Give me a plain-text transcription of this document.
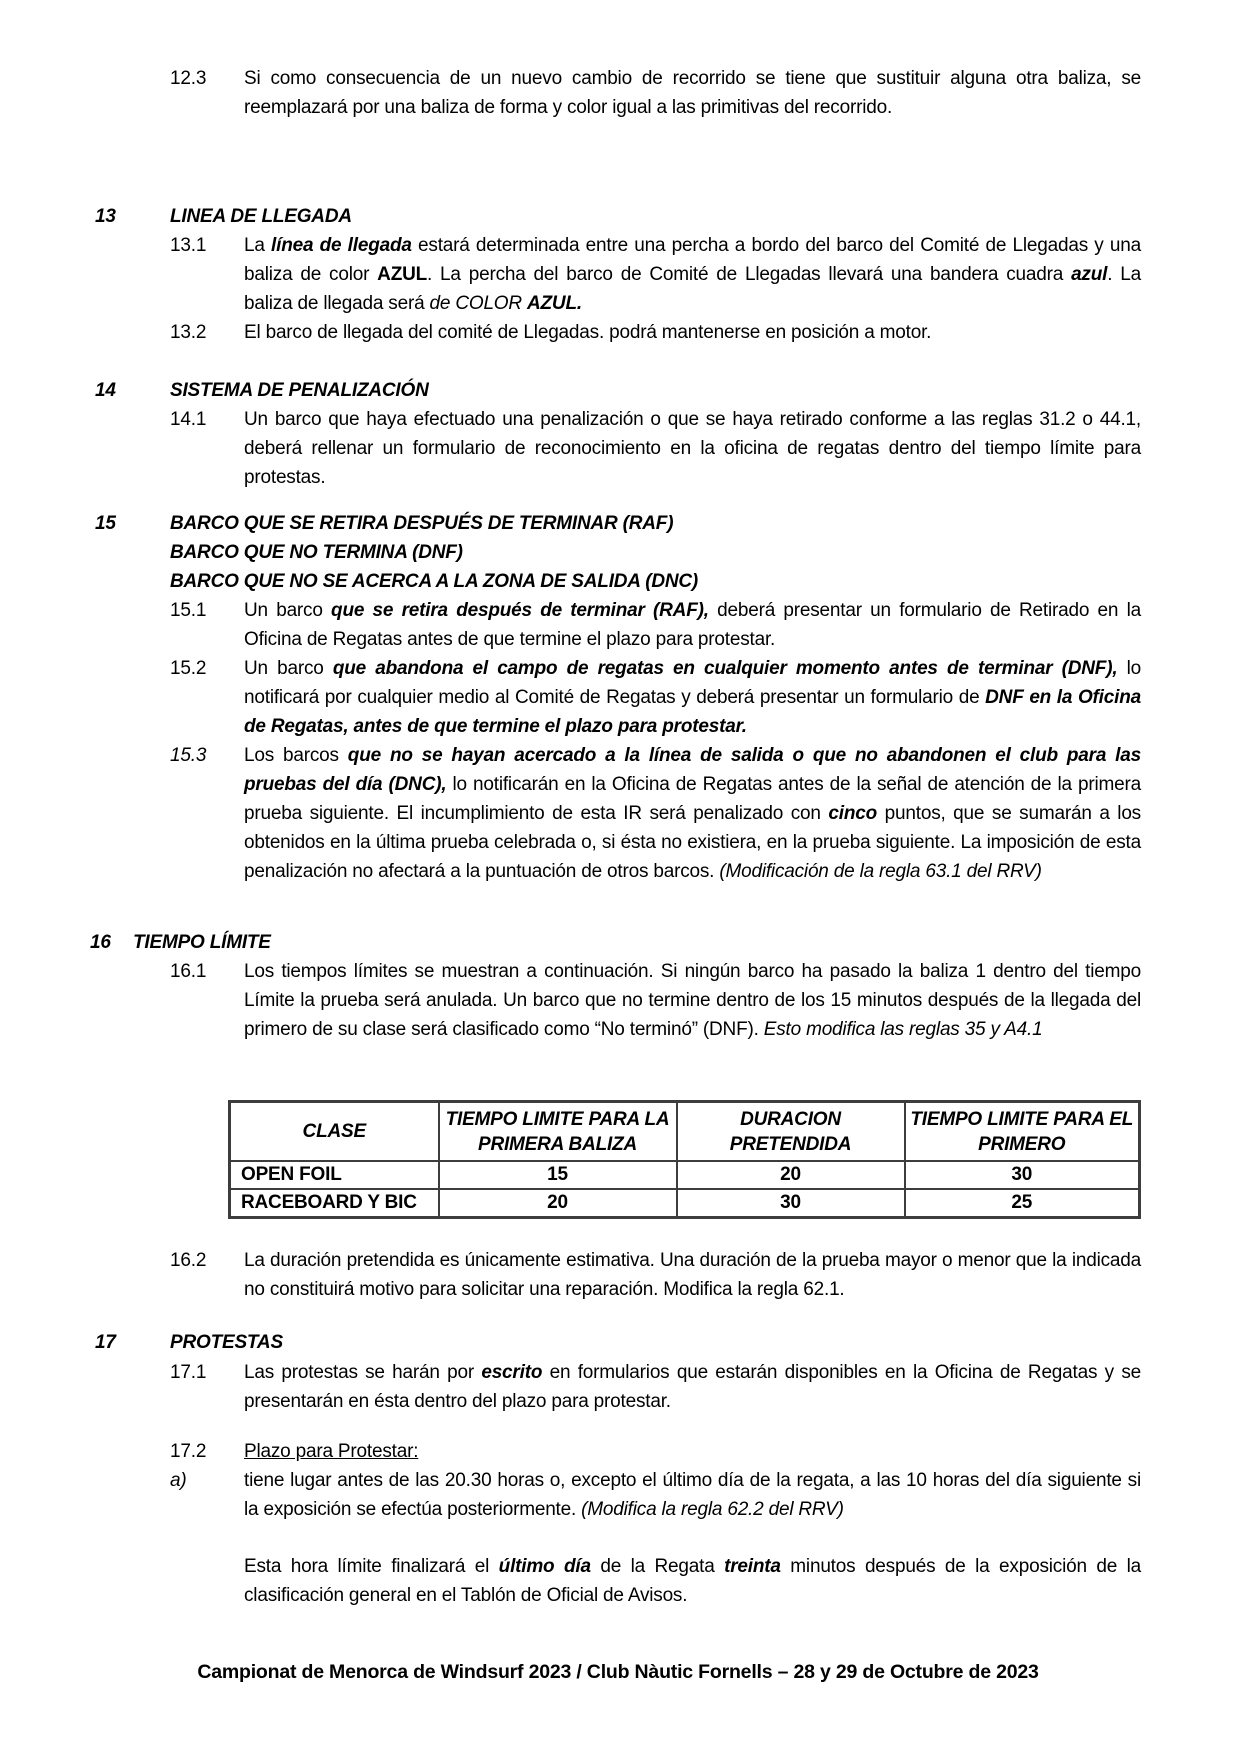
12.3	Si como consecuencia de un nuevo cambio de recorrido se tiene que sustituir alguna otra baliza, se reemplazará por una baliza de forma y color igual a las primitivas del recorrido.

13	LINEA DE LLEGADA

13.1	La línea de llegada estará determinada entre una percha a bordo del barco del Comité de Llegadas y una baliza de color AZUL. La percha del barco de Comité de Llegadas llevará una bandera cuadra azul. La baliza de llegada será de COLOR AZUL.

13.2	El barco de llegada del comité de Llegadas. podrá mantenerse en posición a motor.

14	SISTEMA DE PENALIZACIÓN

14.1	Un barco que haya efectuado una penalización o que se haya retirado conforme a las reglas 31.2 o 44.1, deberá rellenar un formulario de reconocimiento en la oficina de regatas dentro del tiempo límite para protestas.

15	BARCO QUE SE RETIRA DESPUÉS DE TERMINAR (RAF)

BARCO QUE NO TERMINA (DNF)

BARCO QUE NO SE ACERCA A LA ZONA DE SALIDA (DNC)

15.1	Un barco que se retira después de terminar (RAF), deberá presentar un formulario de Retirado en la Oficina de Regatas antes de que termine el plazo para protestar.

15.2	Un barco que abandona el campo de regatas en cualquier momento antes de terminar (DNF), lo notificará por cualquier medio al Comité de Regatas y deberá presentar un formulario de DNF en la Oficina de Regatas, antes de que termine el plazo para protestar.

15.3	Los barcos que no se hayan acercado a la línea de salida o que no abandonen el club para las pruebas del día (DNC), lo notificarán en la Oficina de Regatas antes de la señal de atención de la primera prueba siguiente. El incumplimiento de esta IR será penalizado con cinco puntos, que se sumarán a los obtenidos en la última prueba celebrada o, si ésta no existiera, en la prueba siguiente. La imposición de esta penalización no afectará a la puntuación de otros barcos. (Modificación de la regla 63.1 del RRV)

16	TIEMPO LÍMITE

16.1	Los tiempos límites se muestran a continuación. Si ningún barco ha pasado la baliza 1 dentro del tiempo Límite la prueba será anulada. Un barco que no termine dentro de los 15 minutos después de la llegada del primero de su clase será clasificado como “No terminó” (DNF). Esto modifica las reglas 35 y A4.1

CLASE	TIEMPO LIMITE PARA LA PRIMERA BALIZA	DURACION PRETENDIDA	TIEMPO LIMITE PARA EL PRIMERO
OPEN FOIL	15	20	30
RACEBOARD Y BIC	20	30	25
16.2	La duración pretendida es únicamente estimativa. Una duración de la prueba mayor o menor que la indicada no constituirá motivo para solicitar una reparación. Modifica la regla 62.1.

17	PROTESTAS

17.1	Las protestas se harán por escrito en formularios que estarán disponibles en la Oficina de Regatas y se presentarán en ésta dentro del plazo para protestar.

17.2	Plazo para Protestar:

a)	tiene lugar antes de las 20.30 horas o, excepto el último día de la regata, a las 10 horas del día siguiente si la exposición se efectúa posteriormente. (Modifica la regla 62.2 del RRV)

Esta hora límite finalizará el último día de la Regata treinta minutos después de la exposición de la clasificación general en el Tablón de Oficial de Avisos.

Campionat de Menorca de Windsurf 2023 / Club Nàutic Fornells – 28 y 29 de Octubre de 2023
